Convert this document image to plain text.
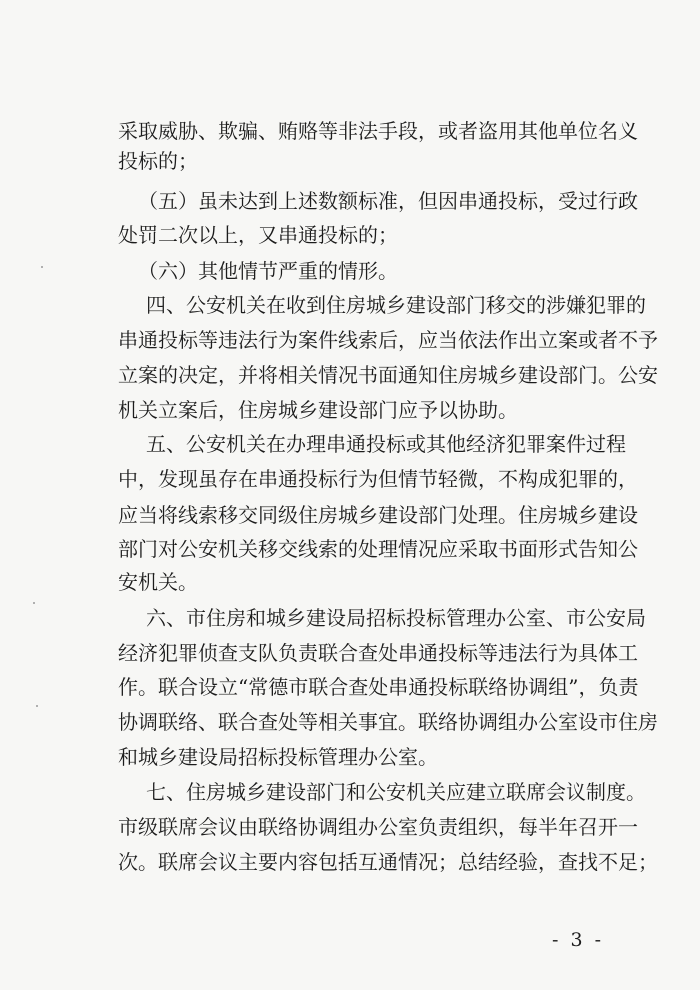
采取威胁、欺骗、贿赂等非法手段，或者盗用其他单位名义
投标的；
（五）虽未达到上述数额标准，但因串通投标，受过行政
处罚二次以上，又串通投标的；
（六）其他情节严重的情形。
四、公安机关在收到住房城乡建设部门移交的涉嫌犯罪的
串通投标等违法行为案件线索后，应当依法作出立案或者不予
立案的决定，并将相关情况书面通知住房城乡建设部门。公安
机关立案后，住房城乡建设部门应予以协助。
五、公安机关在办理串通投标或其他经济犯罪案件过程
中，发现虽存在串通投标行为但情节轻微，不构成犯罪的，
应当将线索移交同级住房城乡建设部门处理。住房城乡建设
部门对公安机关移交线索的处理情况应采取书面形式告知公
安机关。
六、市住房和城乡建设局招标投标管理办公室、市公安局
经济犯罪侦查支队负责联合查处串通投标等违法行为具体工
作。联合设立“常德市联合查处串通投标联络协调组”，负责
协调联络、联合查处等相关事宜。联络协调组办公室设市住房
和城乡建设局招标投标管理办公室。
七、住房城乡建设部门和公安机关应建立联席会议制度。
市级联席会议由联络协调组办公室负责组织，每半年召开一
次。联席会议主要内容包括互通情况；总结经验，查找不足；
- 3 -
